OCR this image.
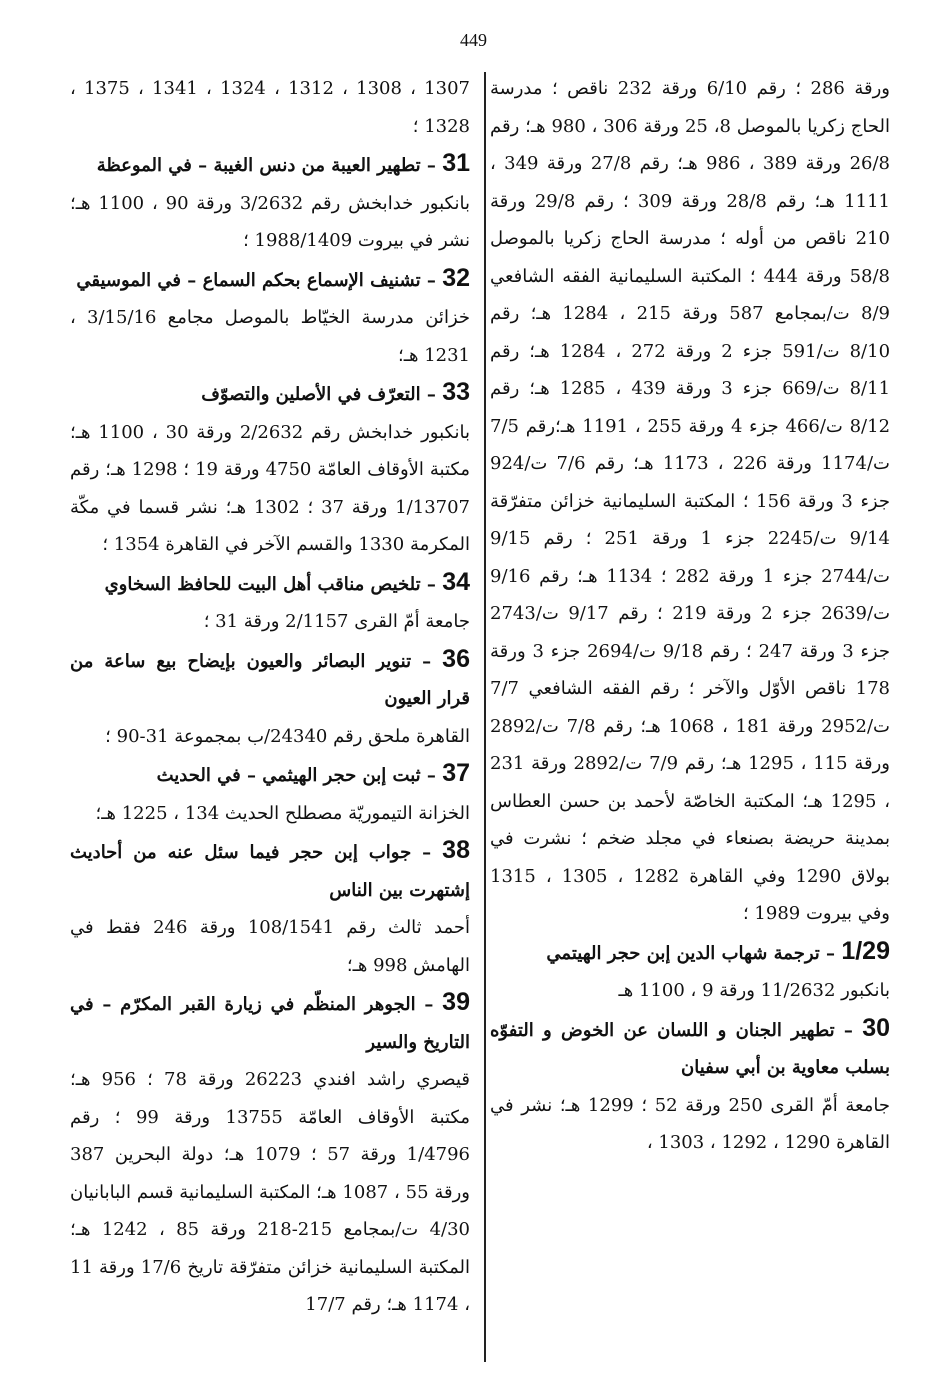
449

ورقة 286 ؛ رقم 6/10 ورقة 232 ناقص ؛ مدرسة الحاج زكريا بالموصل 8، 25 ورقة 306 ، 980 هـ؛ رقم 26/8 ورقة 389 ، 986 هـ؛ رقم 27/8 ورقة 349 ، 1111 هـ؛ رقم 28/8 ورقة 309 ؛ رقم 29/8 ورقة 210 ناقص من أوله ؛ مدرسة الحاج زكريا بالموصل 58/8 ورقة 444 ؛ المكتبة السليمانية الفقه الشافعي 8/9 ت/بمجامع 587 ورقة 215 ، 1284 هـ؛ رقم 8/10 ت/591 جزء 2 ورقة 272 ، 1284 هـ؛ رقم 8/11 ت/669 جزء 3 ورقة 439 ، 1285 هـ؛ رقم 8/12 ت/466 جزء 4 ورقة 255 ، 1191 هـ؛رقم 7/5 ت/1174 ورقة 226 ، 1173 هـ؛ رقم 7/6 ت/924 جزء 3 ورقة 156 ؛ المكتبة السليمانية خزائن متفرّقة 9/14 ت/2245 جزء 1 ورقة 251 ؛ رقم 9/15 ت/2744 جزء 1 ورقة 282 ؛ 1134 هـ؛ رقم 9/16 ت/2639 جزء 2 ورقة 219 ؛ رقم 9/17 ت/2743 جزء 3 ورقة 247 ؛ رقم 9/18 ت/2694 جزء 3 ورقة 178 ناقص الأوّل والآخر ؛ رقم الفقه الشافعي 7/7 ت/2952 ورقة 181 ، 1068 هـ؛ رقم 7/8 ت/2892 ورقة 115 ، 1295 هـ؛ رقم 7/9 ت/2892 ورقة 231 ، 1295 هـ؛ المكتبة الخاصّة لأحمد بن حسن العطاس بمدينة حريضة بصنعاء في مجلد ضخم ؛ نشرت في بولاق 1290 وفي القاهرة 1282 ، 1305 ، 1315 وفي بيروت 1989 ؛

1/29 – ترجمة شهاب الدين إبن حجر الهيتمي
بانكبور 11/2632 ورقة 9 ، 1100 هـ

30 – تطهير الجنان و اللسان عن الخوض و التفوّه بسلب معاوية بن أبي سفيان
جامعة أمّ القرى 250 ورقة 52 ؛ 1299 هـ؛ نشر في القاهرة 1290 ، 1292 ، 1303 ،

1307 ، 1308 ، 1312 ، 1324 ، 1341 ، 1375 ، 1328 ؛

31 – تطهير العيبة من دنس الغيبة – في الموعظة
بانكبور خدابخش رقم 3/2632 ورقة 90 ، 1100 هـ؛ نشر في بيروت 1988/1409 ؛

32 – تشنيف الإسماع بحكم السماع – في الموسيقي
خزائن مدرسة الخيّاط بالموصل مجامع 3/15/16 ، 1231 هـ؛

33 – التعرّف في الأصلين والتصوّف
بانكبور خدابخش رقم 2/2632 ورقة 30 ، 1100 هـ؛ مكتبة الأوقاف العامّة 4750 ورقة 19 ؛ 1298 هـ؛ رقم 1/13707 ورقة 37 ؛ 1302 هـ؛ نشر قسما في مكّة المكرمة 1330 والقسم الآخر في القاهرة 1354 ؛

34 – تلخيص مناقب أهل البيت للحافظ السخاوي
جامعة أمّ القرى 2/1157 ورقة 31 ؛

36 – تنوير البصائر والعيون بإيضاح بيع ساعة من قرار العيون
القاهرة ملحق رقم 24340/ب بمجموعة 31-90 ؛

37 – ثبت إبن حجر الهيثمي – في الحديث
الخزانة التيموريّة مصطلح الحديث 134 ، 1225 هـ؛

38 – جواب إبن حجر فيما سئل عنه من أحاديث إشتهرت بين الناس
أحمد ثالث رقم 108/1541 ورقة 246 فقط في الهامش 998 هـ؛

39 – الجوهر المنظّم في زيارة القبر المكرّم – في التاريخ والسير
قيصري راشد افندي 26223 ورقة 78 ؛ 956 هـ؛ مكتبة الأوقاف العامّة 13755 ورقة 99 ؛ رقم 1/4796 ورقة 57 ؛ 1079 هـ؛ دولة البحرين 387 ورقة 55 ، 1087 هـ؛ المكتبة السليمانية قسم البابانيان 4/30 ت/بمجامع 215-218 ورقة 85 ، 1242 هـ؛ المكتبة السليمانية خزائن متفرّقة تاريخ 17/6 ورقة 11 ، 1174 هـ؛ رقم 17/7
